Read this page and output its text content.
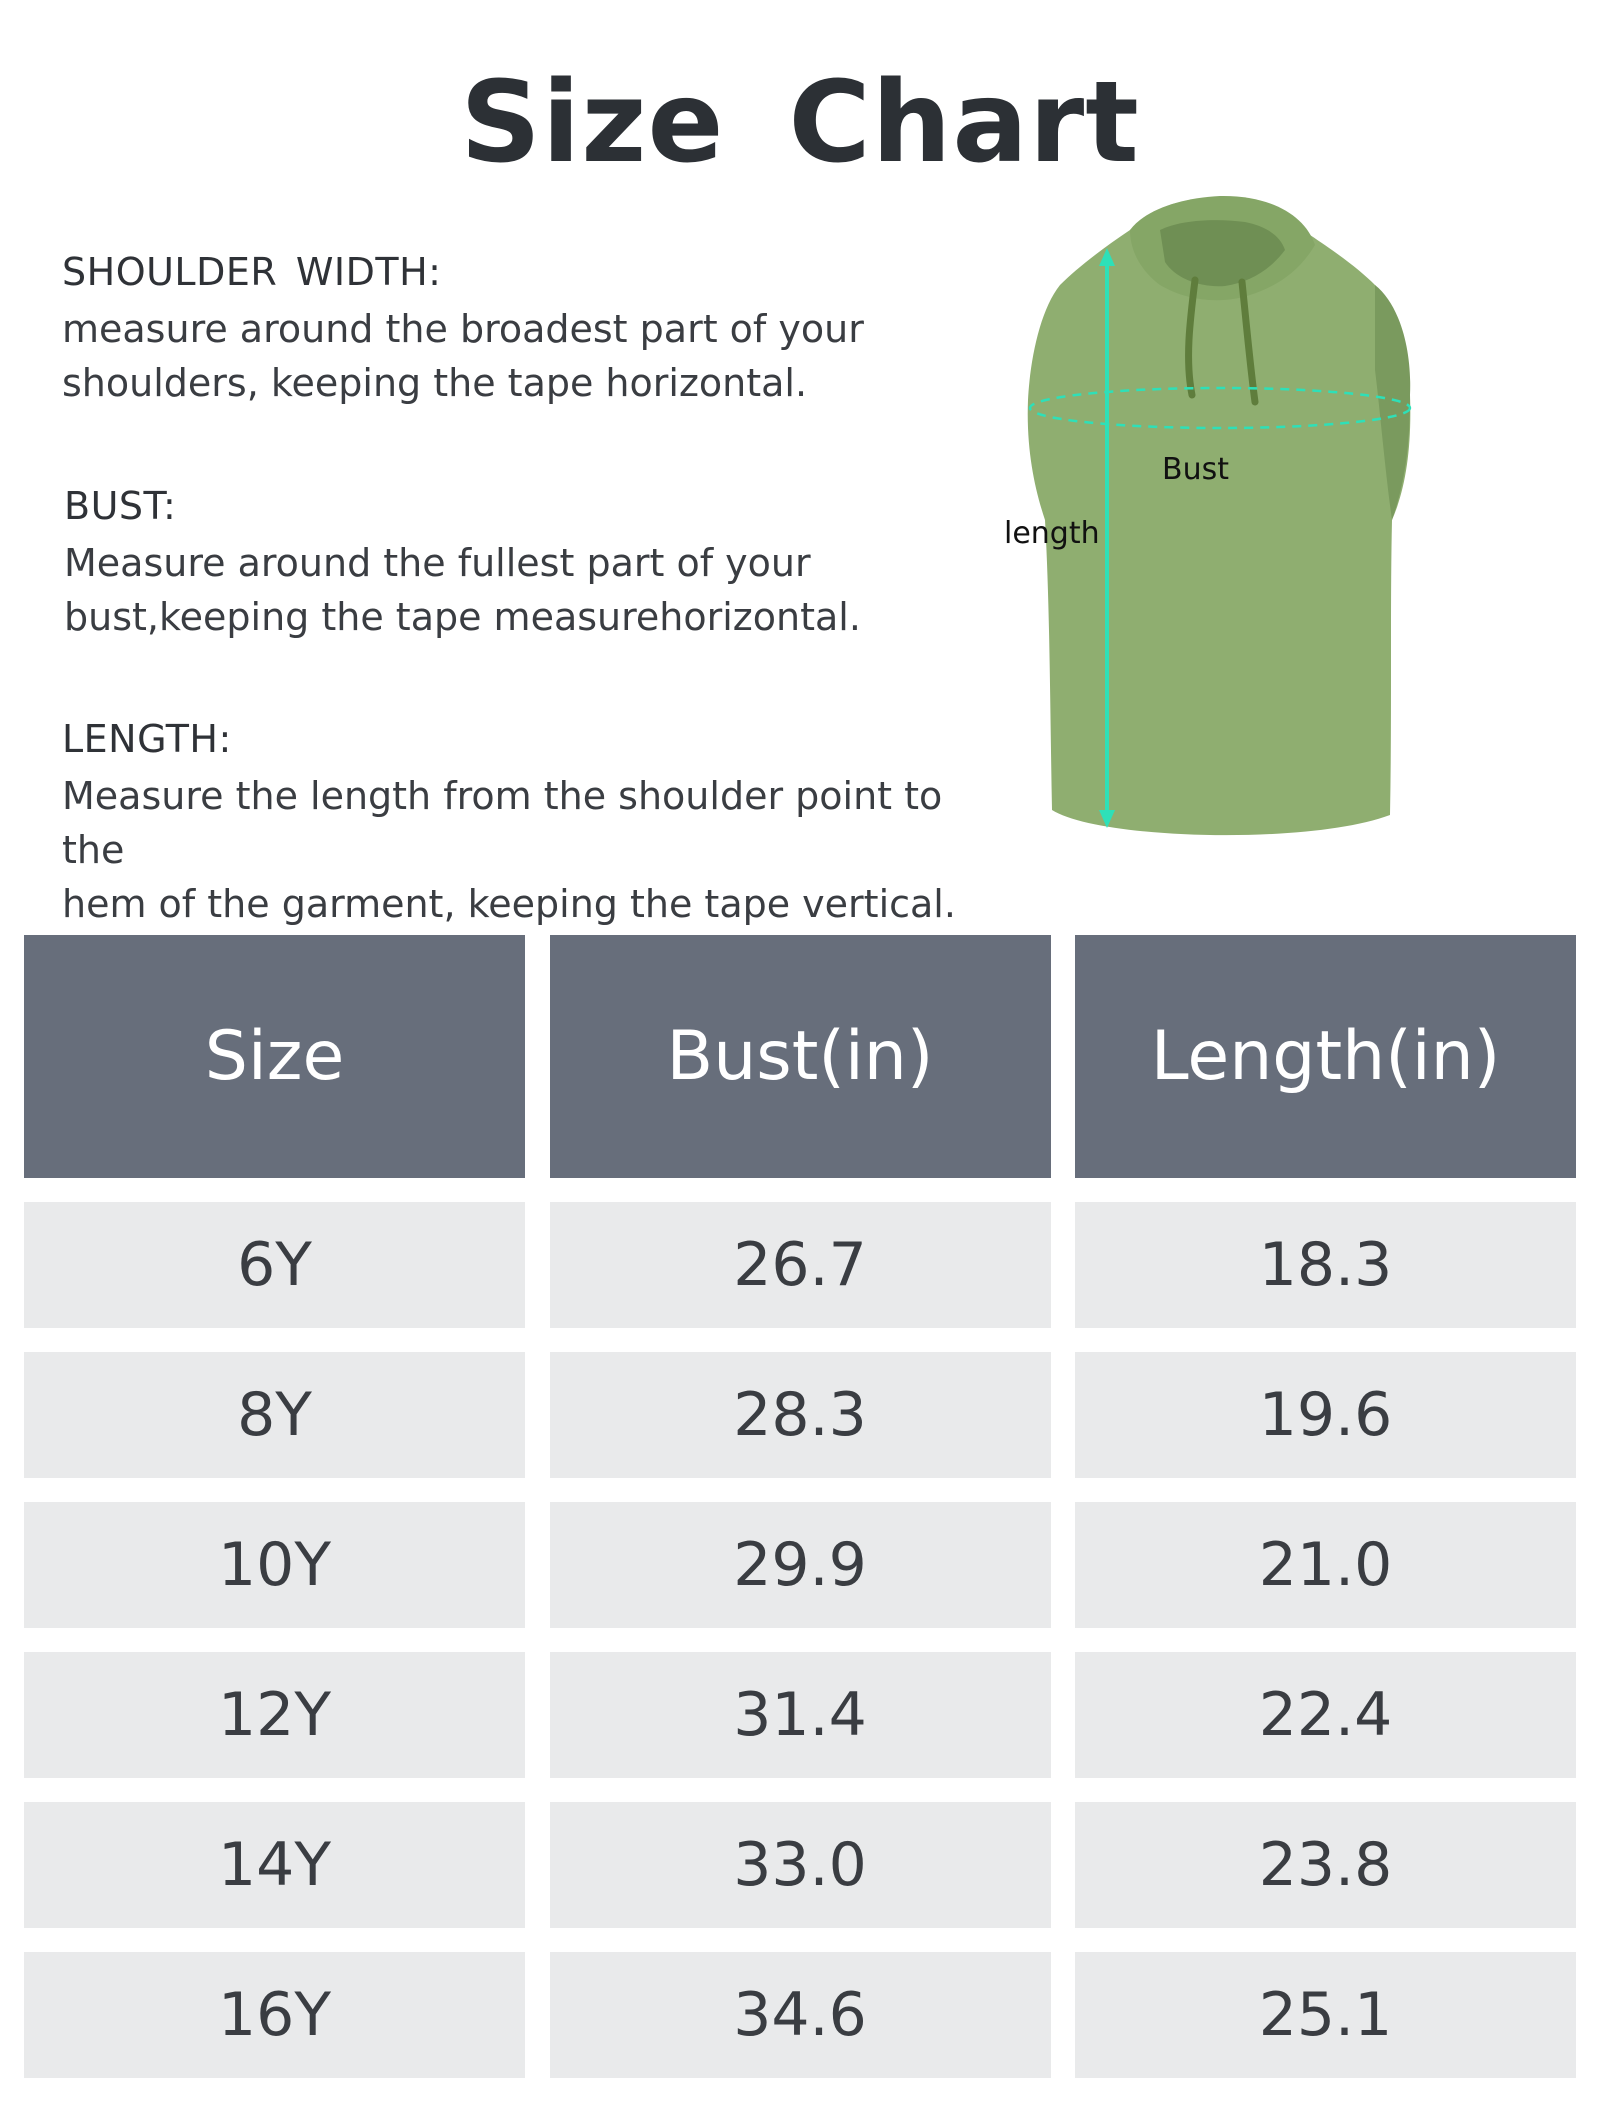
Size Chart

SHOULDER WIDTH:

measure around the broadest part of your
shoulders, keeping the tape horizontal.

BUST:

Measure around the fullest part of your
bust,keeping the tape measurehorizontal.

LENGTH:

Measure the length from the shoulder point to the
hem of the garment, keeping the tape vertical.

Bust
length
Size	Bust(in)	Length(in)
6Y	26.7	18.3
8Y	28.3	19.6
10Y	29.9	21.0
12Y	31.4	22.4
14Y	33.0	23.8
16Y	34.6	25.1
